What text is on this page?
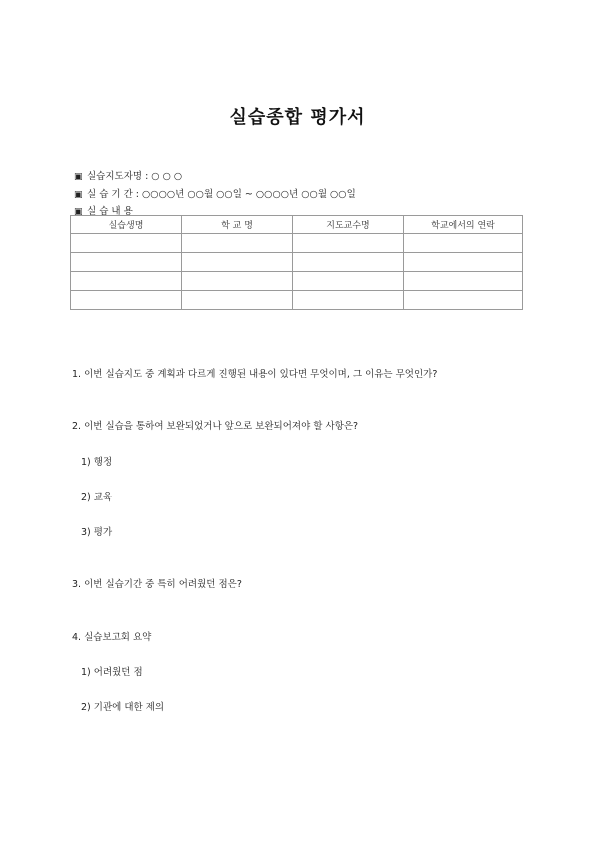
실습종합 평가서
▣ 실습지도자명 : ○ ○ ○
▣ 실 습 기 간 : ○○○○년 ○○월 ○○일 ~ ○○○○년 ○○월 ○○일
▣ 실 습 내 용
실습생명	학 교 명	지도교수명	학교에서의 연락

1. 이번 실습지도 중 계획과 다르게 진행된 내용이 있다면 무엇이며, 그 이유는 무엇인가?
2. 이번 실습을 통하여 보완되었거나 앞으로 보완되어져야 할 사항은?
1) 행정
2) 교육
3) 평가
3. 이번 실습기간 중 특히 어려웠던 점은?
4. 실습보고회 요약
1) 어려웠던 점
2) 기관에 대한 제의
